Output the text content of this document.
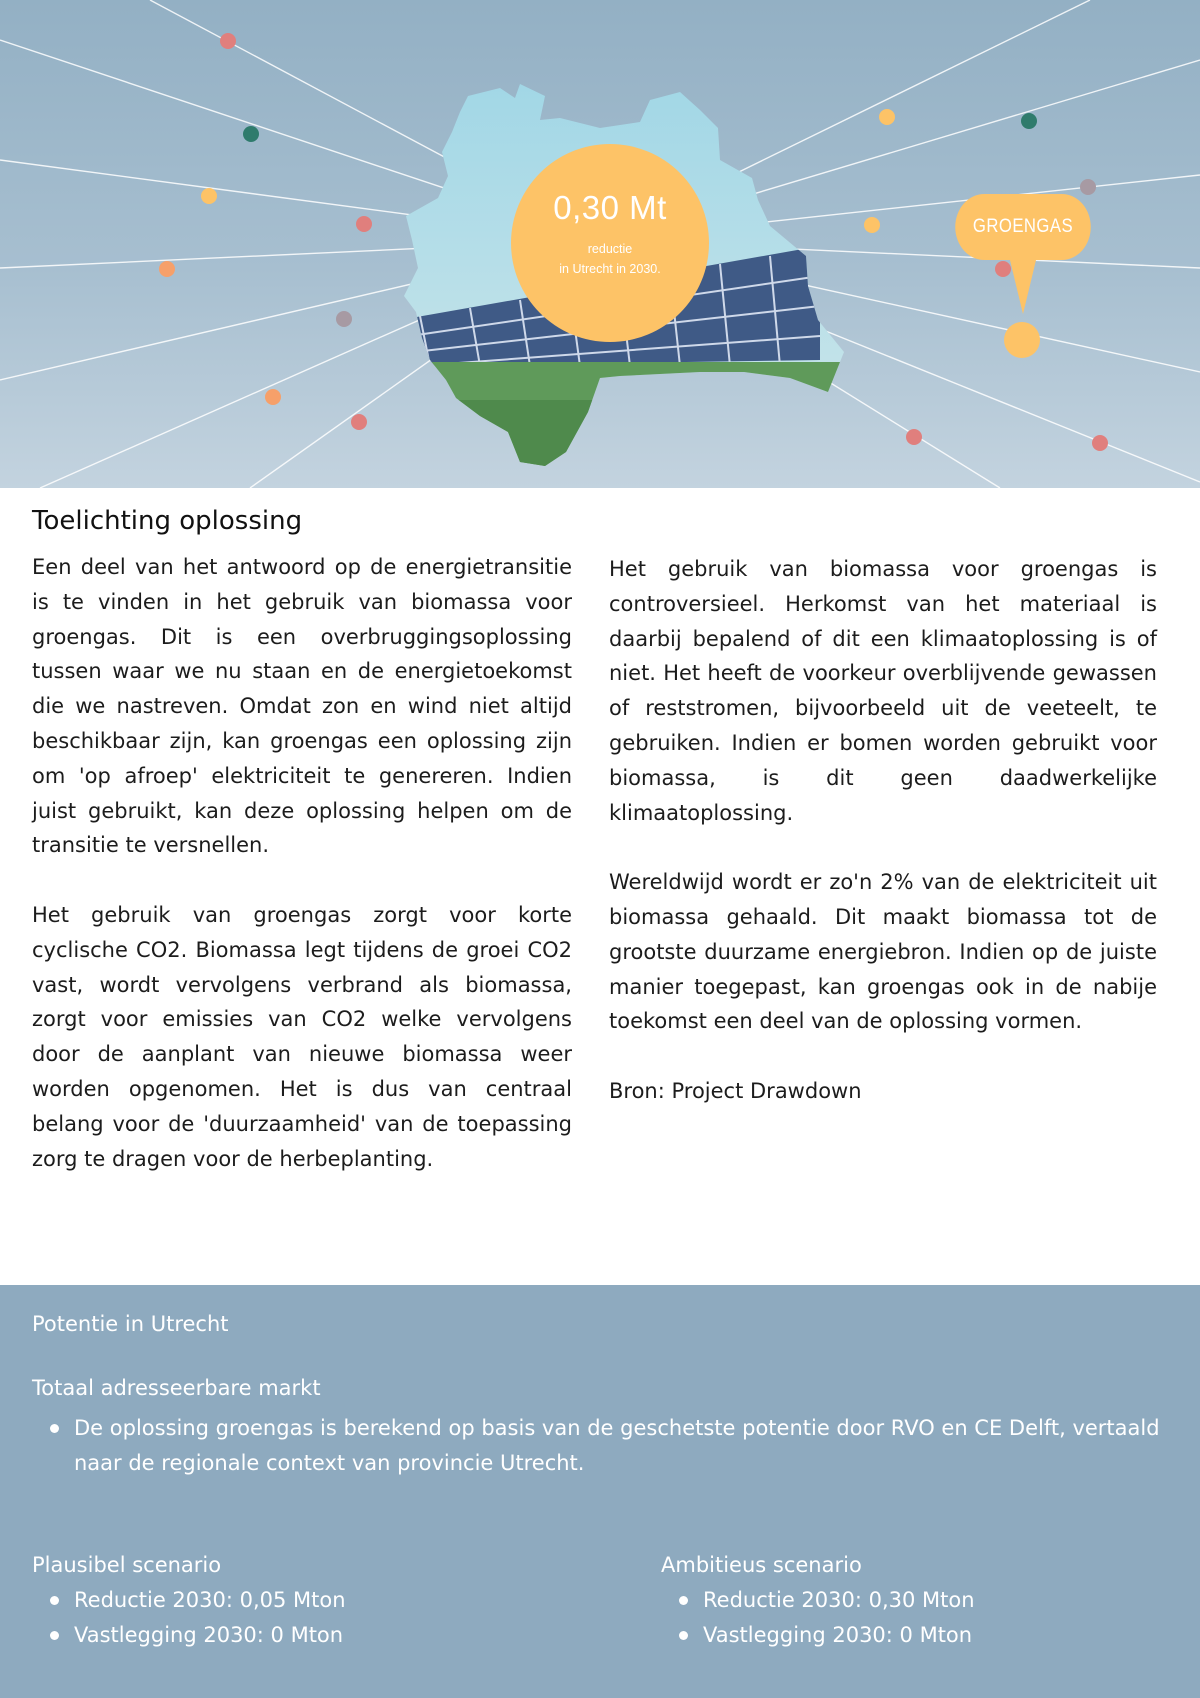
0,30 Mt
reductie
in Utrecht in 2030.
GROENGAS
Toelichting oplossing

Een deel van het antwoord op de energietransitie is te vinden in het gebruik van biomassa voor groengas. Dit is een overbruggingsoplossing tussen waar we nu staan en de energietoekomst die we nastreven. Omdat zon en wind niet altijd beschikbaar zijn, kan groengas een oplossing zijn om 'op afroep' elektriciteit te genereren. Indien juist gebruikt, kan deze oplossing helpen om de transitie te versnellen.

Het gebruik van groengas zorgt voor korte cyclische CO2. Biomassa legt tijdens de groei CO2 vast, wordt vervolgens verbrand als biomassa, zorgt voor emissies van CO2 welke vervolgens door de aanplant van nieuwe biomassa weer worden opgenomen. Het is dus van centraal belang voor de 'duurzaamheid' van de toepassing zorg te dragen voor de herbeplanting.

Het gebruik van biomassa voor groengas is controversieel. Herkomst van het materiaal is daarbij bepalend of dit een klimaatoplossing is of niet. Het heeft de voorkeur overblijvende gewassen of reststromen, bijvoorbeeld uit de veeteelt, te gebruiken. Indien er bomen worden gebruikt voor biomassa, is dit geen daadwerkelijke klimaatoplossing.

Wereldwijd wordt er zo'n 2% van de elektriciteit uit biomassa gehaald. Dit maakt biomassa tot de grootste duurzame energiebron. Indien op de juiste manier toegepast, kan groengas ook in de nabije toekomst een deel van de oplossing vormen.

Bron: Project Drawdown

Potentie in Utrecht
Totaal adresseerbare markt
De oplossing groengas is berekend op basis van de geschetste potentie door RVO en CE Delft, vertaald naar de regionale context van provincie Utrecht.
Plausibel scenario
Reductie 2030: 0,05 Mton
Vastlegging 2030: 0 Mton
Ambitieus scenario
Reductie 2030: 0,30 Mton
Vastlegging 2030: 0 Mton
